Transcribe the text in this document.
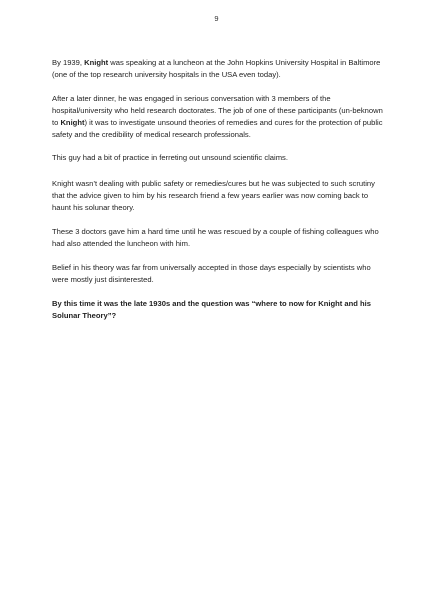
9

By 1939, Knight was speaking at a luncheon at the John Hopkins University Hospital in Baltimore (one of the top research university hospitals in the USA even today).

After a later dinner, he was engaged in serious conversation with 3 members of the hospital/university who held research doctorates. The job of one of these participants (un-beknown to Knight) it was to investigate unsound theories of remedies and cures for the protection of public safety and the credibility of medical research professionals.

This guy had a bit of practice in ferreting out unsound scientific claims.

Knight wasn’t dealing with public safety or remedies/cures but he was subjected to such scrutiny that the advice given to him by his research friend a few years earlier was now coming back to haunt his solunar theory.

These 3 doctors gave him a hard time until he was rescued by a couple of fishing colleagues who had also attended the luncheon with him.

Belief in his theory was far from universally accepted in those days especially by scientists who were mostly just disinterested.

By this time it was the late 1930s and the question was “where to now for Knight and his Solunar Theory”?
